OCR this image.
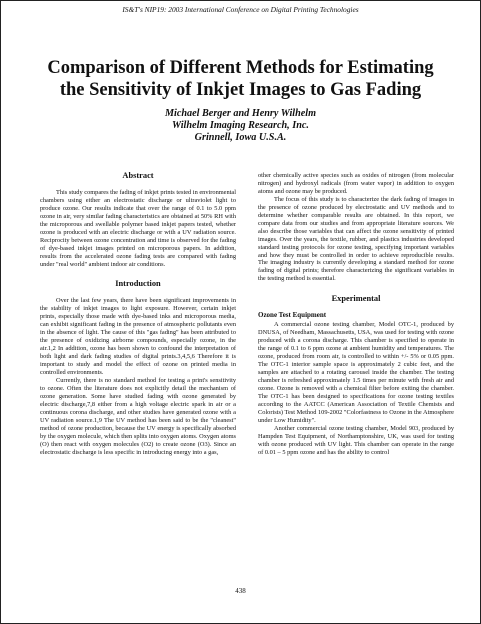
IS&T's NIP19: 2003 International Conference on Digital Printing Technologies
Comparison of Different Methods for Estimating
the Sensitivity of Inkjet Images to Gas Fading
Michael Berger and Henry Wilhelm
Wilhelm Imaging Research, Inc.
Grinnell, Iowa U.S.A.
Abstract

This study compares the fading of inkjet prints tested in environmental chambers using either an electrostatic discharge or ultraviolet light to produce ozone. Our results indicate that over the range of 0.1 to 5.0 ppm ozone in air, very similar fading characteristics are obtained at 50% RH with the microporous and swellable polymer based inkjet papers tested, whether ozone is produced with an electric discharge or with a UV radiation source. Reciprocity between ozone concentration and time is observed for the fading of dye-based inkjet images printed on microporous papers. In addition, results from the accelerated ozone fading tests are compared with fading under "real world" ambient indoor air conditions.

Introduction

Over the last few years, there have been significant improvements in the stability of inkjet images to light exposure. However, certain inkjet prints, especially those made with dye-based inks and microporous media, can exhibit significant fading in the presence of atmospheric pollutants even in the absence of light. The cause of this "gas fading" has been attributed to the presence of oxidizing airborne compounds, especially ozone, in the air.1,2 In addition, ozone has been shown to confound the interpretation of both light and dark fading studies of digital prints.3,4,5,6 Therefore it is important to study and model the effect of ozone on printed media in controlled environments.

Currently, there is no standard method for testing a print's sensitivity to ozone. Often the literature does not explicitly detail the mechanism of ozone generation. Some have studied fading with ozone generated by electric discharge,7,8 either from a high voltage electric spark in air or a continuous corona discharge, and other studies have generated ozone with a UV radiation source.1,9 The UV method has been said to be the "cleanest" method of ozone production, because the UV energy is specifically absorbed by the oxygen molecule, which then splits into oxygen atoms. Oxygen atoms (O) then react with oxygen molecules (O2) to create ozone (O3). Since an electrostatic discharge is less specific in introducing energy into a gas,

other chemically active species such as oxides of nitrogen (from molecular nitrogen) and hydroxyl radicals (from water vapor) in addition to oxygen atoms and ozone may be produced.

The focus of this study is to characterize the dark fading of images in the presence of ozone produced by electrostatic and UV methods and to determine whether comparable results are obtained. In this report, we compare data from our studies and from appropriate literature sources. We also describe those variables that can affect the ozone sensitivity of printed images. Over the years, the textile, rubber, and plastics industries developed standard testing protocols for ozone testing, specifying important variables and how they must be controlled in order to achieve reproducible results. The imaging industry is currently developing a standard method for ozone fading of digital prints; therefore characterizing the significant variables in the testing method is essential.

Experimental
Ozone Test Equipment

A commercial ozone testing chamber, Model OTC-1, produced by DNUSA, of Needham, Massachusetts, USA, was used for testing with ozone produced with a corona discharge. This chamber is specified to operate in the range of 0.1 to 6 ppm ozone at ambient humidity and temperatures. The ozone, produced from room air, is controlled to within +/- 5% or 0.05 ppm. The OTC-1 interior sample space is approximately 2 cubic feet, and the samples are attached to a rotating carousel inside the chamber. The testing chamber is refreshed approximately 1.5 times per minute with fresh air and ozone. Ozone is removed with a chemical filter before exiting the chamber. The OTC-1 has been designed to specifications for ozone testing textiles according to the AATCC (American Association of Textile Chemists and Colorists) Test Method 109-2002 "Colorfastness to Ozone in the Atmosphere under Low Humidity".

Another commercial ozone testing chamber, Model 903, produced by Hampden Test Equipment, of Northamptonshire, UK, was used for testing with ozone produced with UV light. This chamber can operate in the range of 0.01 – 5 ppm ozone and has the ability to control

438
